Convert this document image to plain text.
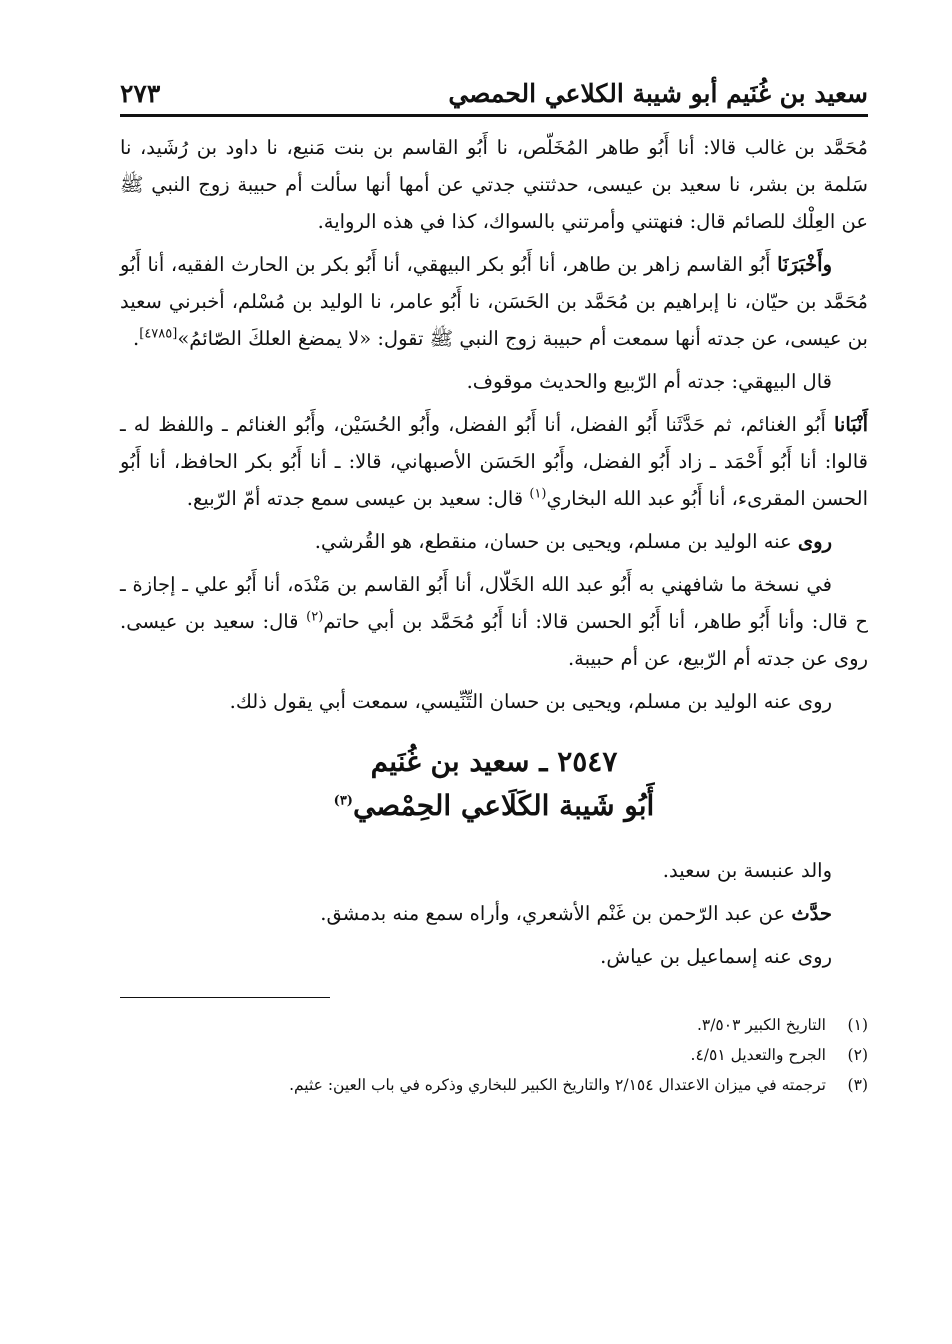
سعيد بن غُنَيم أبو شيبة الكلاعي الحمصي
٢٧٣

مُحَمَّد بن غالب قالا: أنا أَبُو طاهر المُخَلّص، نا أَبُو القاسم بن بنت مَنيع، نا داود بن رُشَيد، نا سَلمة بن بشر، نا سعيد بن عيسى، حدثتني جدتي عن أمها أنها سألت أم حبيبة زوج النبي ﷺ عن العِلْك للصائم قال: فنهتني وأمرتني بالسواك، كذا في هذه الرواية.

وأَخْبَرَنَا أَبُو القاسم زاهر بن طاهر، أنا أَبُو بكر البيهقي، أنا أَبُو بكر بن الحارث الفقيه، أنا أَبُو مُحَمَّد بن حيّان، نا إبراهيم بن مُحَمَّد بن الحَسَن، نا أَبُو عامر، نا الوليد بن مُسْلم، أخبرني سعيد بن عيسى، عن جدته أنها سمعت أم حبيبة زوج النبي ﷺ تقول: «لا يمضغ العلكَ الصّائمُ»[٤٧٨٥].

قال البيهقي: جدته أم الرّبيع والحديث موقوف.

أَنْبَانا أَبُو الغنائم، ثم حَدَّثَنا أَبُو الفضل، أنا أَبُو الفضل، وأَبُو الحُسَيْن، وأَبُو الغنائم ـ واللفظ له ـ قالوا: أنا أَبُو أَحْمَد ـ زاد أَبُو الفضل، وأَبُو الحَسَن الأصبهاني، قالا: ـ أنا أَبُو بكر الحافظ، أنا أَبُو الحسن المقرىء، أنا أَبُو عبد الله البخاري$^{(١)}$ قال: سعيد بن عيسى سمع جدته أمّ الرّبيع.

روى عنه الوليد بن مسلم، ويحيى بن حسان، منقطع، هو القُرشي.

في نسخة ما شافهني به أَبُو عبد الله الخَلّال، أنا أَبُو القاسم بن مَنْدَه، أنا أَبُو علي ـ إجازة ـ ح قال: وأنا أَبُو طاهر، أنا أَبُو الحسن قالا: أنا أَبُو مُحَمَّد بن أبي حاتم$^{(٢)}$ قال: سعيد بن عيسى. روى عن جدته أم الرّبيع، عن أم حبيبة.

روى عنه الوليد بن مسلم، ويحيى بن حسان التِّنِّيسي، سمعت أبي يقول ذلك.

٢٥٤٧ ـ سعيد بن غُنَيم
أَبُو شَيبة الكَلَاعي الحِمْصي$^{(٣)}$

والد عنبسة بن سعيد.

حدَّث عن عبد الرّحمن بن غَنْم الأشعري، وأراه سمع منه بدمشق.

روى عنه إسماعيل بن عياش.

(١)
التاريخ الكبير ٣/٥٠٣.
(٢)
الجرح والتعديل ٤/٥١.
(٣)
ترجمته في ميزان الاعتدال ٢/١٥٤ والتاريخ الكبير للبخاري وذكره في باب العين: عثيم.
